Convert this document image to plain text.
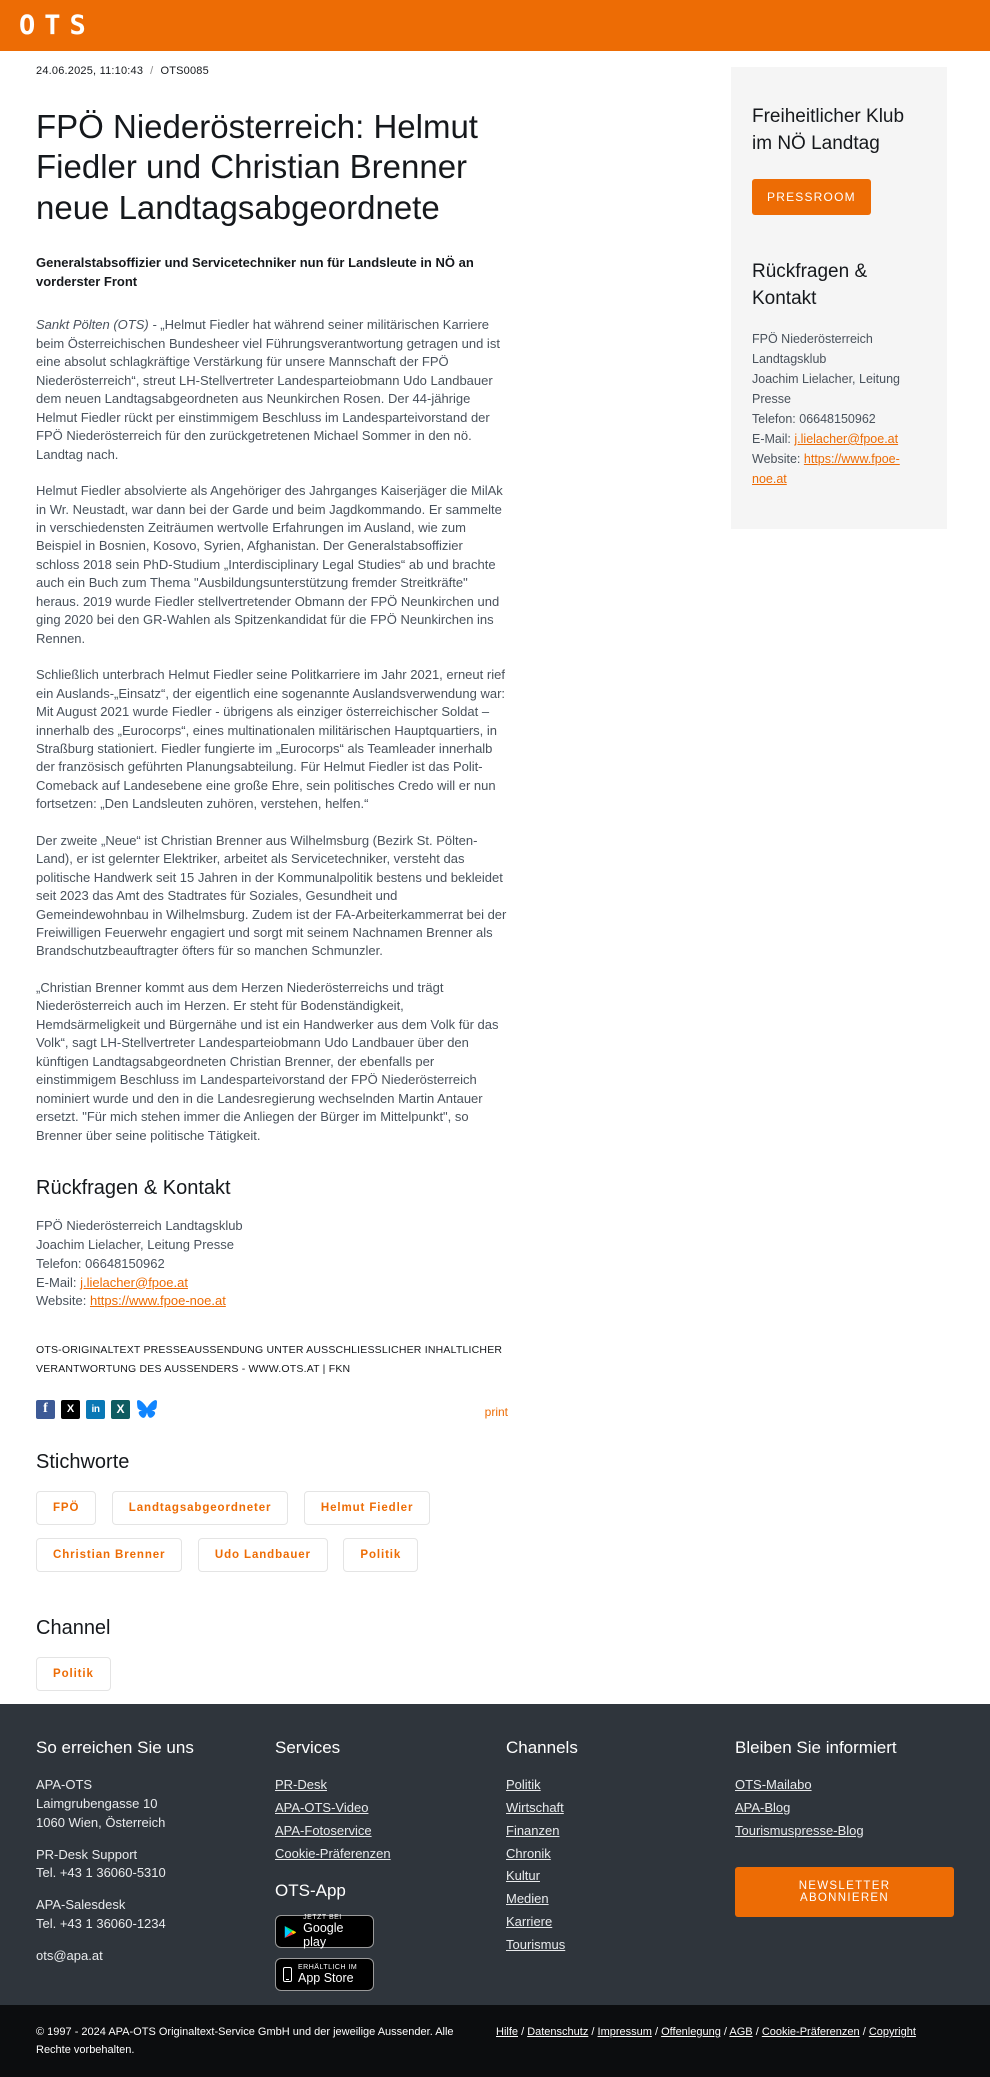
OTS
24.06.2025, 11:10:43 / OTS0085
FPÖ Niederösterreich: Helmut Fiedler und Christian Brenner neue Landtagsabgeordnete

Generalstabsoffizier und Servicetechniker nun für Landsleute in NÖ an vorderster Front

Sankt Pölten (OTS) - „Helmut Fiedler hat während seiner militärischen Karriere beim Österreichischen Bundesheer viel Führungsverantwortung getragen und ist eine absolut schlagkräftige Verstärkung für unsere Mannschaft der FPÖ Niederösterreich“, streut LH-Stellvertreter Landesparteiobmann Udo Landbauer dem neuen Landtagsabgeordneten aus Neunkirchen Rosen. Der 44-jährige Helmut Fiedler rückt per einstimmigem Beschluss im Landesparteivorstand der FPÖ Niederösterreich für den zurückgetretenen Michael Sommer in den nö. Landtag nach.

Helmut Fiedler absolvierte als Angehöriger des Jahrganges Kaiserjäger die MilAk in Wr. Neustadt, war dann bei der Garde und beim Jagdkommando. Er sammelte in verschiedensten Zeiträumen wertvolle Erfahrungen im Ausland, wie zum Beispiel in Bosnien, Kosovo, Syrien, Afghanistan. Der Generalstabsoffizier schloss 2018 sein PhD-Studium „Interdisciplinary Legal Studies“ ab und brachte auch ein Buch zum Thema "Ausbildungsunterstützung fremder Streitkräfte" heraus. 2019 wurde Fiedler stellvertretender Obmann der FPÖ Neunkirchen und ging 2020 bei den GR-Wahlen als Spitzenkandidat für die FPÖ Neunkirchen ins Rennen.

Schließlich unterbrach Helmut Fiedler seine Politkarriere im Jahr 2021, erneut rief ein Auslands-„Einsatz“, der eigentlich eine sogenannte Auslandsverwendung war: Mit August 2021 wurde Fiedler - übrigens als einziger österreichischer Soldat – innerhalb des „Eurocorps“, eines multinationalen militärischen Hauptquartiers, in Straßburg stationiert. Fiedler fungierte im „Eurocorps“ als Teamleader innerhalb der französisch geführten Planungsabteilung. Für Helmut Fiedler ist das Polit-Comeback auf Landesebene eine große Ehre, sein politisches Credo will er nun fortsetzen: „Den Landsleuten zuhören, verstehen, helfen.“

Der zweite „Neue“ ist Christian Brenner aus Wilhelmsburg (Bezirk St. Pölten-Land), er ist gelernter Elektriker, arbeitet als Servicetechniker, versteht das politische Handwerk seit 15 Jahren in der Kommunalpolitik bestens und bekleidet seit 2023 das Amt des Stadtrates für Soziales, Gesundheit und Gemeindewohnbau in Wilhelmsburg. Zudem ist der FA-Arbeiterkammerrat bei der Freiwilligen Feuerwehr engagiert und sorgt mit seinem Nachnamen Brenner als Brandschutzbeauftragter öfters für so manchen Schmunzler.

„Christian Brenner kommt aus dem Herzen Niederösterreichs und trägt Niederösterreich auch im Herzen. Er steht für Bodenständigkeit, Hemdsärmeligkeit und Bürgernähe und ist ein Handwerker aus dem Volk für das Volk“, sagt LH-Stellvertreter Landesparteiobmann Udo Landbauer über den künftigen Landtagsabgeordneten Christian Brenner, der ebenfalls per einstimmigem Beschluss im Landesparteivorstand der FPÖ Niederösterreich nominiert wurde und den in die Landesregierung wechselnden Martin Antauer ersetzt. "Für mich stehen immer die Anliegen der Bürger im Mittelpunkt", so Brenner über seine politische Tätigkeit.

Rückfragen & Kontakt
FPÖ Niederösterreich Landtagsklub
Joachim Lielacher, Leitung Presse
Telefon: 06648150962
E-Mail: j.lielacher@fpoe.at
Website: https://www.fpoe-noe.at

OTS-ORIGINALTEXT PRESSEAUSSENDUNG UNTER AUSSCHLIESSLICHER INHALTLICHER VERANTWORTUNG DES AUSSENDERS - WWW.OTS.AT | FKN

f	X	in	X	print
Stichworte
FPÖ	Landtagsabgeordneter	Helmut Fiedler Christian Brenner	Udo Landbauer	Politik
Channel
Politik
Freiheitlicher Klub im NÖ Landtag
PRESSROOM
Rückfragen & Kontakt
FPÖ Niederösterreich Landtagsklub
Joachim Lielacher, Leitung Presse
Telefon: 06648150962
E-Mail: j.lielacher@fpoe.at
Website: https://www.fpoe-noe.at
So erreichen Sie uns
APA-OTS
Laimgrubengasse 10
1060 Wien, Österreich
PR-Desk Support
Tel. +43 1 36060-5310
APA-Salesdesk
Tel. +43 1 36060-1234
ots@apa.at
Services
PR-Desk
APA-OTS-Video
APA-Fotoservice
Cookie-Präferenzen
OTS-App
JETZT BEI
Google play
ERHÄLTLICH IM
App Store
Channels
Politik
Wirtschaft
Finanzen
Chronik
Kultur
Medien
Karriere
Tourismus
Bleiben Sie informiert
OTS-Mailabo
APA-Blog
Tourismuspresse-Blog
NEWSLETTER ABONNIEREN
© 1997 - 2024 APA-OTS Originaltext-Service GmbH und der jeweilige Aussender. Alle Rechte vorbehalten.
Hilfe / Datenschutz / Impressum / Offenlegung / AGB / Cookie-Präferenzen / Copyright
